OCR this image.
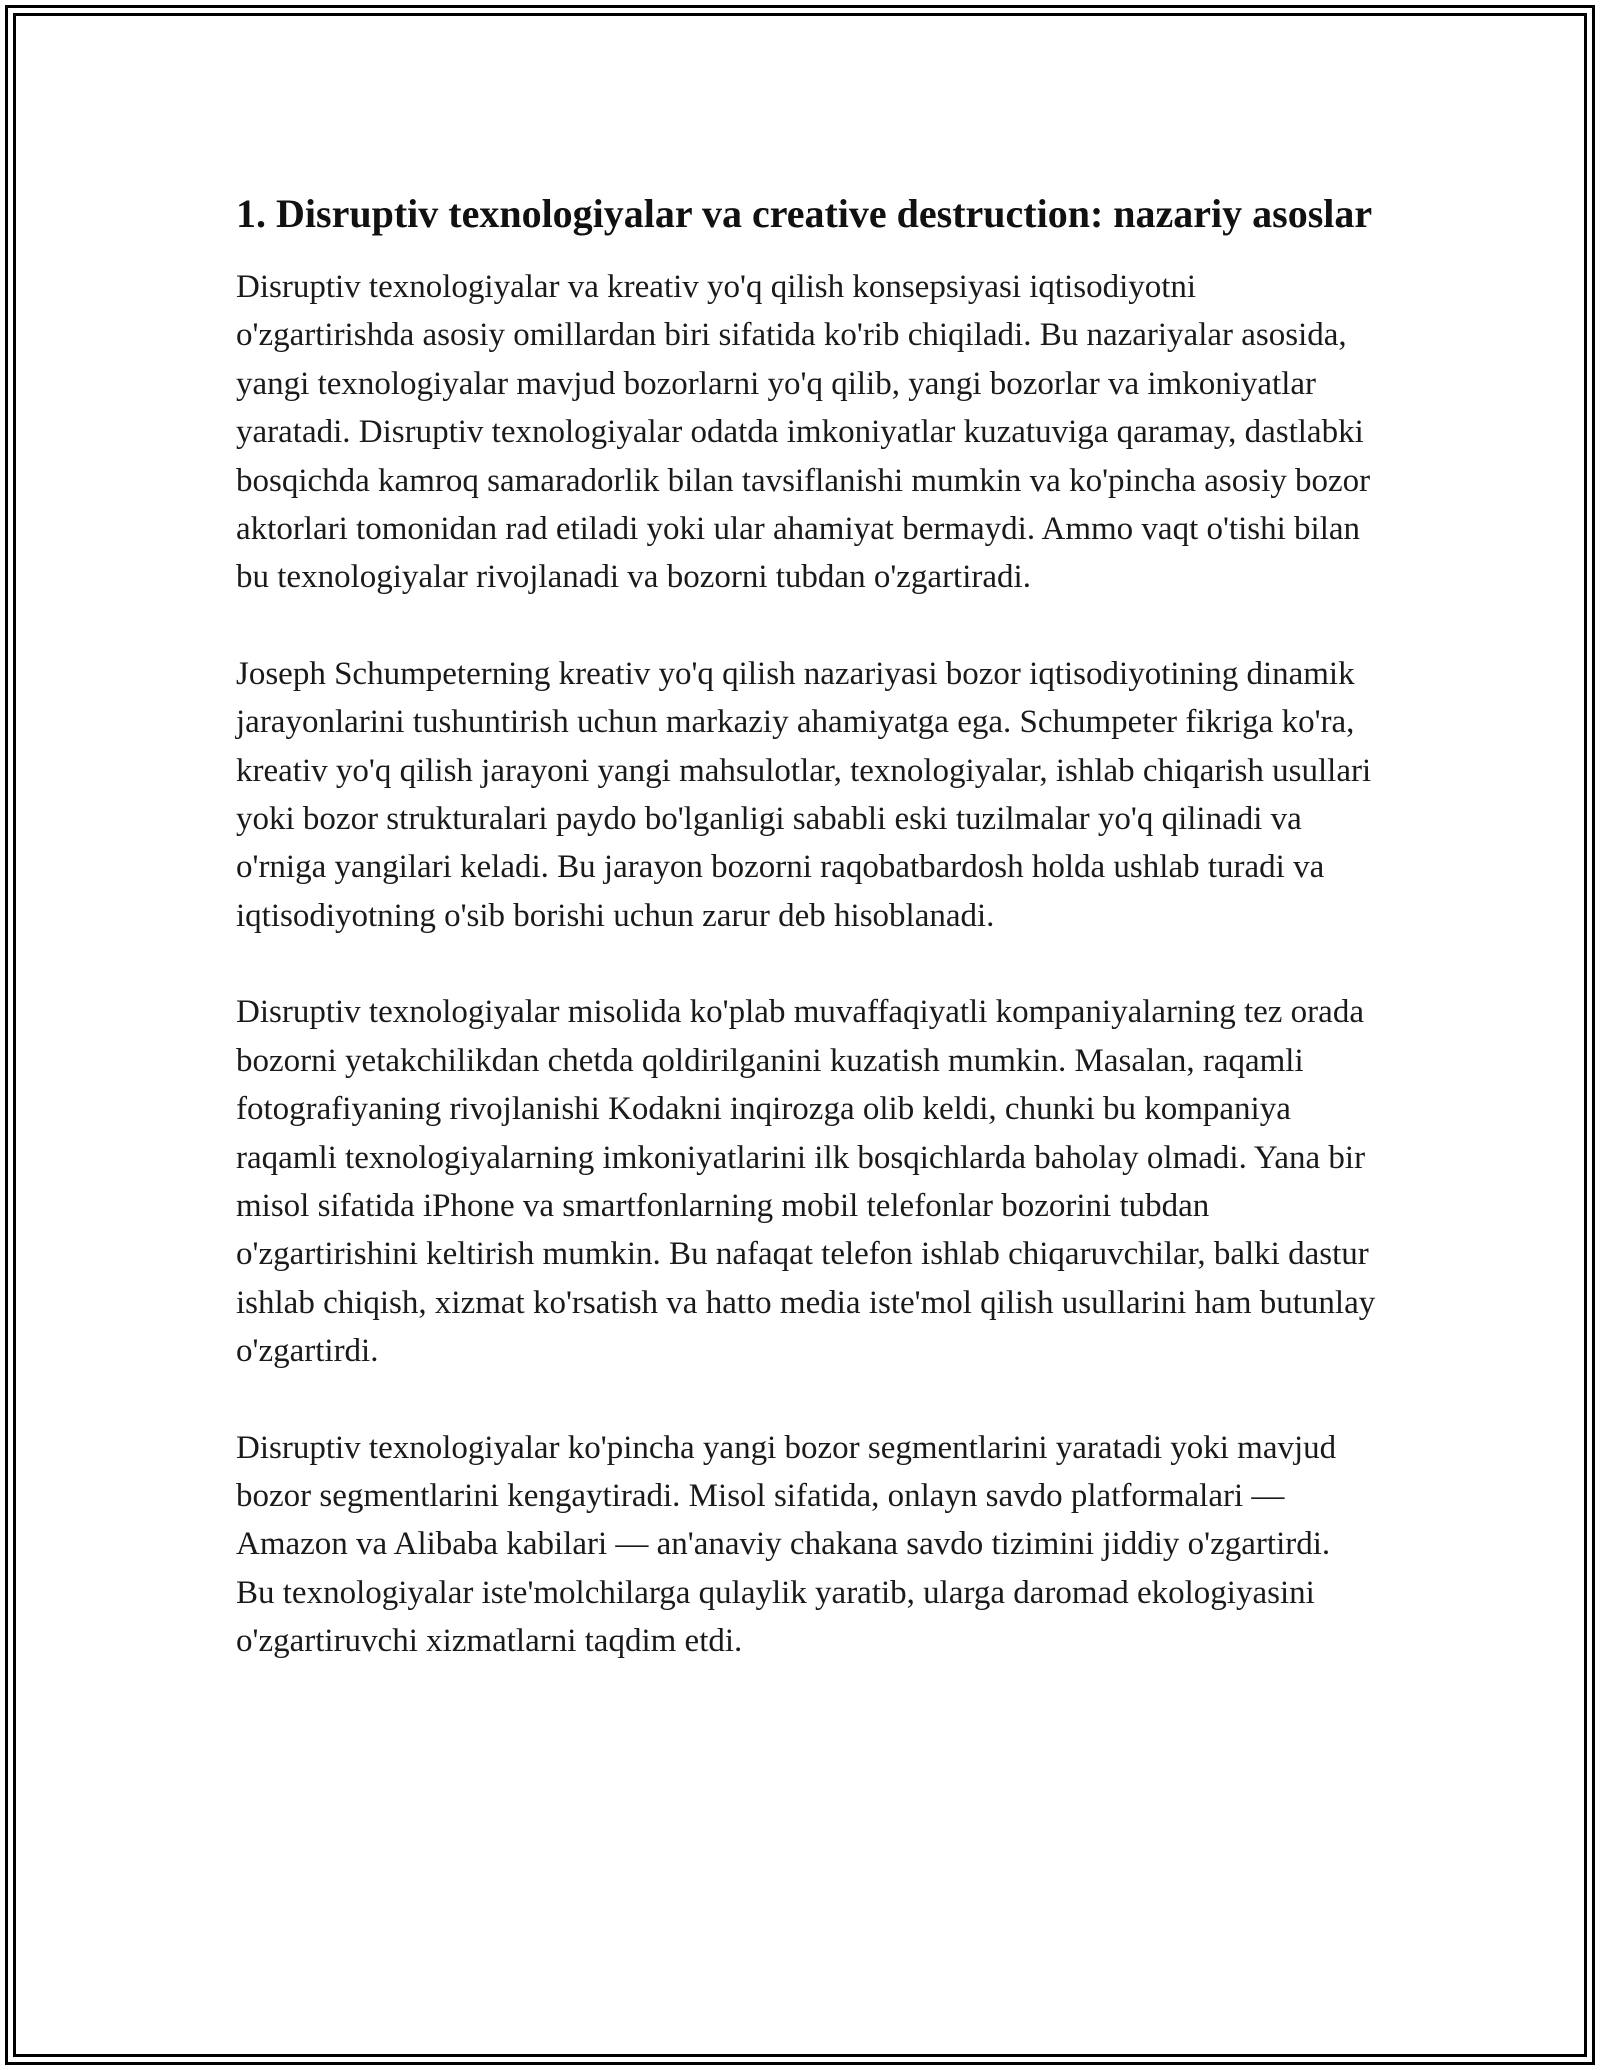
1. Disruptiv texnologiyalar va creative destruction: nazariy asoslar

Disruptiv texnologiyalar va kreativ yo'q qilish konsepsiyasi iqtisodiyotni o'zgartirishda asosiy omillardan biri sifatida ko'rib chiqiladi. Bu nazariyalar asosida, yangi texnologiyalar mavjud bozorlarni yo'q qilib, yangi bozorlar va imkoniyatlar yaratadi. Disruptiv texnologiyalar odatda imkoniyatlar kuzatuviga qaramay, dastlabki bosqichda kamroq samaradorlik bilan tavsiflanishi mumkin va ko'pincha asosiy bozor aktorlari tomonidan rad etiladi yoki ular ahamiyat bermaydi. Ammo vaqt o'tishi bilan bu texnologiyalar rivojlanadi va bozorni tubdan o'zgartiradi.

Joseph Schumpeterning kreativ yo'q qilish nazariyasi bozor iqtisodiyotining dinamik jarayonlarini tushuntirish uchun markaziy ahamiyatga ega. Schumpeter fikriga ko'ra, kreativ yo'q qilish jarayoni yangi mahsulotlar, texnologiyalar, ishlab chiqarish usullari yoki bozor strukturalari paydo bo'lganligi sababli eski tuzilmalar yo'q qilinadi va o'rniga yangilari keladi. Bu jarayon bozorni raqobatbardosh holda ushlab turadi va iqtisodiyotning o'sib borishi uchun zarur deb hisoblanadi.

Disruptiv texnologiyalar misolida ko'plab muvaffaqiyatli kompaniyalarning tez orada bozorni yetakchilikdan chetda qoldirilganini kuzatish mumkin. Masalan, raqamli fotografiyaning rivojlanishi Kodakni inqirozga olib keldi, chunki bu kompaniya raqamli texnologiyalarning imkoniyatlarini ilk bosqichlarda baholay olmadi. Yana bir misol sifatida iPhone va smartfonlarning mobil telefonlar bozorini tubdan o'zgartirishini keltirish mumkin. Bu nafaqat telefon ishlab chiqaruvchilar, balki dastur ishlab chiqish, xizmat ko'rsatish va hatto media iste'mol qilish usullarini ham butunlay o'zgartirdi.

Disruptiv texnologiyalar ko'pincha yangi bozor segmentlarini yaratadi yoki mavjud bozor segmentlarini kengaytiradi. Misol sifatida, onlayn savdo platformalari — Amazon va Alibaba kabilari — an'anaviy chakana savdo tizimini jiddiy o'zgartirdi. Bu texnologiyalar iste'molchilarga qulaylik yaratib, ularga daromad ekologiyasini o'zgartiruvchi xizmatlarni taqdim etdi.
